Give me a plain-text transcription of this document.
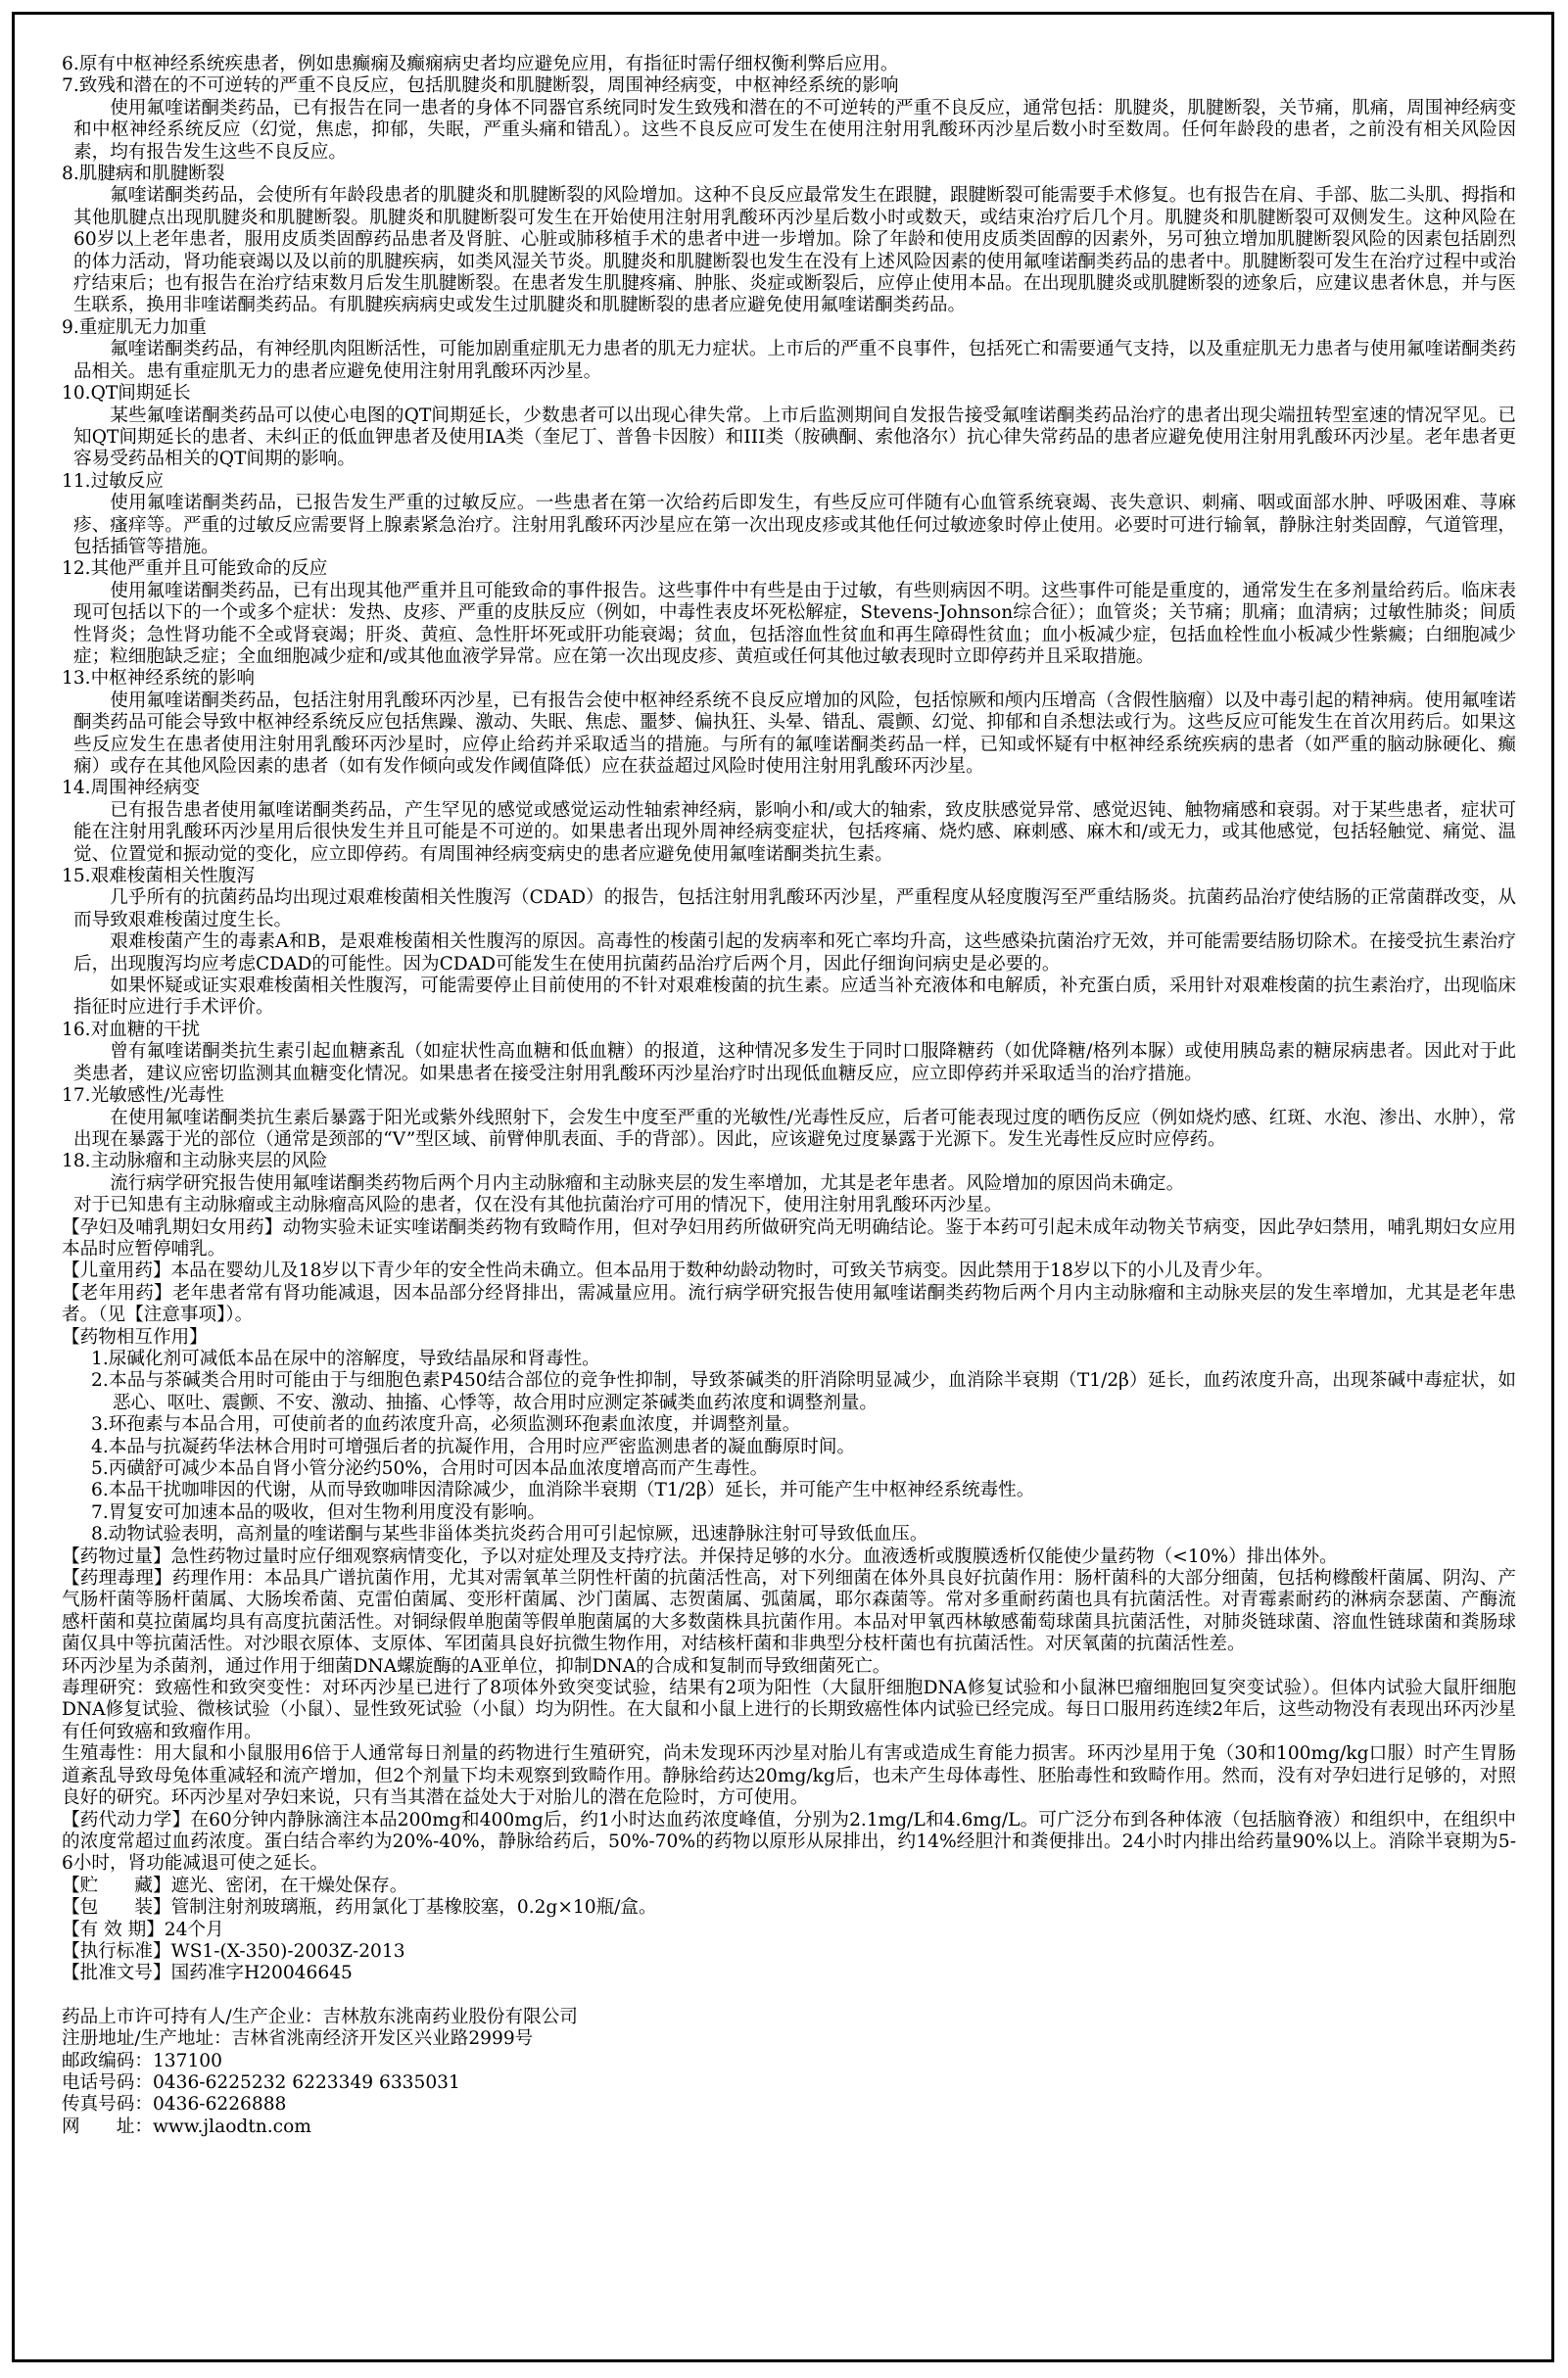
6.原有中枢神经系统疾患者，例如患癫痫及癫痫病史者均应避免应用，有指征时需仔细权衡利弊后应用。

7.致残和潜在的不可逆转的严重不良反应，包括肌腱炎和肌腱断裂，周围神经病变，中枢神经系统的影响

使用氟喹诺酮类药品，已有报告在同一患者的身体不同器官系统同时发生致残和潜在的不可逆转的严重不良反应，通常包括：肌腱炎，肌腱断裂，关节痛，肌痛，周围神经病变和中枢神经系统反应（幻觉，焦虑，抑郁，失眠，严重头痛和错乱）。这些不良反应可发生在使用注射用乳酸环丙沙星后数小时至数周。任何年龄段的患者，之前没有相关风险因素，均有报告发生这些不良反应。

8.肌腱病和肌腱断裂

氟喹诺酮类药品，会使所有年龄段患者的肌腱炎和肌腱断裂的风险增加。这种不良反应最常发生在跟腱，跟腱断裂可能需要手术修复。也有报告在肩、手部、肱二头肌、拇指和其他肌腱点出现肌腱炎和肌腱断裂。肌腱炎和肌腱断裂可发生在开始使用注射用乳酸环丙沙星后数小时或数天，或结束治疗后几个月。肌腱炎和肌腱断裂可双侧发生。这种风险在60岁以上老年患者，服用皮质类固醇药品患者及肾脏、心脏或肺移植手术的患者中进一步增加。除了年龄和使用皮质类固醇的因素外，另可独立增加肌腱断裂风险的因素包括剧烈的体力活动，肾功能衰竭以及以前的肌腱疾病，如类风湿关节炎。肌腱炎和肌腱断裂也发生在没有上述风险因素的使用氟喹诺酮类药品的患者中。肌腱断裂可发生在治疗过程中或治疗结束后；也有报告在治疗结束数月后发生肌腱断裂。在患者发生肌腱疼痛、肿胀、炎症或断裂后，应停止使用本品。在出现肌腱炎或肌腱断裂的迹象后，应建议患者休息，并与医生联系，换用非喹诺酮类药品。有肌腱疾病病史或发生过肌腱炎和肌腱断裂的患者应避免使用氟喹诺酮类药品。

9.重症肌无力加重

氟喹诺酮类药品，有神经肌肉阻断活性，可能加剧重症肌无力患者的肌无力症状。上市后的严重不良事件，包括死亡和需要通气支持，以及重症肌无力患者与使用氟喹诺酮类药品相关。患有重症肌无力的患者应避免使用注射用乳酸环丙沙星。

10.QT间期延长

某些氟喹诺酮类药品可以使心电图的QT间期延长，少数患者可以出现心律失常。上市后监测期间自发报告接受氟喹诺酮类药品治疗的患者出现尖端扭转型室速的情况罕见。已知QT间期延长的患者、未纠正的低血钾患者及使用IA类（奎尼丁、普鲁卡因胺）和III类（胺碘酮、索他洛尔）抗心律失常药品的患者应避免使用注射用乳酸环丙沙星。老年患者更容易受药品相关的QT间期的影响。

11.过敏反应

使用氟喹诺酮类药品，已报告发生严重的过敏反应。一些患者在第一次给药后即发生，有些反应可伴随有心血管系统衰竭、丧失意识、刺痛、咽或面部水肿、呼吸困难、荨麻疹、瘙痒等。严重的过敏反应需要肾上腺素紧急治疗。注射用乳酸环丙沙星应在第一次出现皮疹或其他任何过敏迹象时停止使用。必要时可进行输氧，静脉注射类固醇，气道管理，包括插管等措施。

12.其他严重并且可能致命的反应

使用氟喹诺酮类药品，已有出现其他严重并且可能致命的事件报告。这些事件中有些是由于过敏，有些则病因不明。这些事件可能是重度的，通常发生在多剂量给药后。临床表现可包括以下的一个或多个症状：发热、皮疹、严重的皮肤反应（例如，中毒性表皮坏死松解症，Stevens-Johnson综合征）；血管炎；关节痛；肌痛；血清病；过敏性肺炎；间质性肾炎；急性肾功能不全或肾衰竭；肝炎、黄疸、急性肝坏死或肝功能衰竭；贫血，包括溶血性贫血和再生障碍性贫血；血小板减少症，包括血栓性血小板减少性紫癜；白细胞减少症；粒细胞缺乏症；全血细胞减少症和/或其他血液学异常。应在第一次出现皮疹、黄疸或任何其他过敏表现时立即停药并且采取措施。

13.中枢神经系统的影响

使用氟喹诺酮类药品，包括注射用乳酸环丙沙星，已有报告会使中枢神经系统不良反应增加的风险，包括惊厥和颅内压增高（含假性脑瘤）以及中毒引起的精神病。使用氟喹诺酮类药品可能会导致中枢神经系统反应包括焦躁、激动、失眠、焦虑、噩梦、偏执狂、头晕、错乱、震颤、幻觉、抑郁和自杀想法或行为。这些反应可能发生在首次用药后。如果这些反应发生在患者使用注射用乳酸环丙沙星时，应停止给药并采取适当的措施。与所有的氟喹诺酮类药品一样，已知或怀疑有中枢神经系统疾病的患者（如严重的脑动脉硬化、癫痫）或存在其他风险因素的患者（如有发作倾向或发作阈值降低）应在获益超过风险时使用注射用乳酸环丙沙星。

14.周围神经病变

已有报告患者使用氟喹诺酮类药品，产生罕见的感觉或感觉运动性轴索神经病，影响小和/或大的轴索，致皮肤感觉异常、感觉迟钝、触物痛感和衰弱。对于某些患者，症状可能在注射用乳酸环丙沙星用后很快发生并且可能是不可逆的。如果患者出现外周神经病变症状，包括疼痛、烧灼感、麻刺感、麻木和/或无力，或其他感觉，包括轻触觉、痛觉、温觉、位置觉和振动觉的变化，应立即停药。有周围神经病变病史的患者应避免使用氟喹诺酮类抗生素。

15.艰难梭菌相关性腹泻

几乎所有的抗菌药品均出现过艰难梭菌相关性腹泻（CDAD）的报告，包括注射用乳酸环丙沙星，严重程度从轻度腹泻至严重结肠炎。抗菌药品治疗使结肠的正常菌群改变，从而导致艰难梭菌过度生长。

艰难梭菌产生的毒素A和B，是艰难梭菌相关性腹泻的原因。高毒性的梭菌引起的发病率和死亡率均升高，这些感染抗菌治疗无效，并可能需要结肠切除术。在接受抗生素治疗后，出现腹泻均应考虑CDAD的可能性。因为CDAD可能发生在使用抗菌药品治疗后两个月，因此仔细询问病史是必要的。

如果怀疑或证实艰难梭菌相关性腹泻，可能需要停止目前使用的不针对艰难梭菌的抗生素。应适当补充液体和电解质，补充蛋白质，采用针对艰难梭菌的抗生素治疗，出现临床指征时应进行手术评价。

16.对血糖的干扰

曾有氟喹诺酮类抗生素引起血糖紊乱（如症状性高血糖和低血糖）的报道，这种情况多发生于同时口服降糖药（如优降糖/格列本脲）或使用胰岛素的糖尿病患者。因此对于此类患者，建议应密切监测其血糖变化情况。如果患者在接受注射用乳酸环丙沙星治疗时出现低血糖反应，应立即停药并采取适当的治疗措施。

17.光敏感性/光毒性

在使用氟喹诺酮类抗生素后暴露于阳光或紫外线照射下，会发生中度至严重的光敏性/光毒性反应，后者可能表现过度的晒伤反应（例如烧灼感、红斑、水泡、渗出、水肿），常出现在暴露于光的部位（通常是颈部的“V”型区域、前臂伸肌表面、手的背部）。因此，应该避免过度暴露于光源下。发生光毒性反应时应停药。

18.主动脉瘤和主动脉夹层的风险

流行病学研究报告使用氟喹诺酮类药物后两个月内主动脉瘤和主动脉夹层的发生率增加，尤其是老年患者。风险增加的原因尚未确定。

对于已知患有主动脉瘤或主动脉瘤高风险的患者，仅在没有其他抗菌治疗可用的情况下，使用注射用乳酸环丙沙星。

【孕妇及哺乳期妇女用药】动物实验未证实喹诺酮类药物有致畸作用，但对孕妇用药所做研究尚无明确结论。鉴于本药可引起未成年动物关节病变，因此孕妇禁用，哺乳期妇女应用本品时应暂停哺乳。

【儿童用药】本品在婴幼儿及18岁以下青少年的安全性尚未确立。但本品用于数种幼龄动物时，可致关节病变。因此禁用于18岁以下的小儿及青少年。

【老年用药】老年患者常有肾功能减退，因本品部分经肾排出，需减量应用。流行病学研究报告使用氟喹诺酮类药物后两个月内主动脉瘤和主动脉夹层的发生率增加，尤其是老年患者。（见【注意事项】）。

【药物相互作用】

1.尿碱化剂可减低本品在尿中的溶解度，导致结晶尿和肾毒性。

2.本品与茶碱类合用时可能由于与细胞色素P450结合部位的竞争性抑制，导致茶碱类的肝消除明显减少，血消除半衰期（T1/2β）延长，血药浓度升高，出现茶碱中毒症状，如恶心、呕吐、震颤、不安、激动、抽搐、心悸等，故合用时应测定茶碱类血药浓度和调整剂量。

3.环孢素与本品合用，可使前者的血药浓度升高，必须监测环孢素血浓度，并调整剂量。

4.本品与抗凝药华法林合用时可增强后者的抗凝作用，合用时应严密监测患者的凝血酶原时间。

5.丙磺舒可减少本品自肾小管分泌约50%，合用时可因本品血浓度增高而产生毒性。

6.本品干扰咖啡因的代谢，从而导致咖啡因清除减少，血消除半衰期（T1/2β）延长，并可能产生中枢神经系统毒性。

7.胃复安可加速本品的吸收，但对生物利用度没有影响。

8.动物试验表明，高剂量的喹诺酮与某些非甾体类抗炎药合用可引起惊厥，迅速静脉注射可导致低血压。

【药物过量】急性药物过量时应仔细观察病情变化，予以对症处理及支持疗法。并保持足够的水分。血液透析或腹膜透析仅能使少量药物（<10%）排出体外。

【药理毒理】药理作用：本品具广谱抗菌作用，尤其对需氧革兰阴性杆菌的抗菌活性高，对下列细菌在体外具良好抗菌作用：肠杆菌科的大部分细菌，包括枸橼酸杆菌属、阴沟、产气肠杆菌等肠杆菌属、大肠埃希菌、克雷伯菌属、变形杆菌属、沙门菌属、志贺菌属、弧菌属，耶尔森菌等。常对多重耐药菌也具有抗菌活性。对青霉素耐药的淋病奈瑟菌、产酶流感杆菌和莫拉菌属均具有高度抗菌活性。对铜绿假单胞菌等假单胞菌属的大多数菌株具抗菌作用。本品对甲氧西林敏感葡萄球菌具抗菌活性，对肺炎链球菌、溶血性链球菌和粪肠球菌仅具中等抗菌活性。对沙眼衣原体、支原体、军团菌具良好抗微生物作用，对结核杆菌和非典型分枝杆菌也有抗菌活性。对厌氧菌的抗菌活性差。

环丙沙星为杀菌剂，通过作用于细菌DNA螺旋酶的A亚单位，抑制DNA的合成和复制而导致细菌死亡。

毒理研究：致癌性和致突变性：对环丙沙星已进行了8项体外致突变试验，结果有2项为阳性（大鼠肝细胞DNA修复试验和小鼠淋巴瘤细胞回复突变试验）。但体内试验大鼠肝细胞DNA修复试验、微核试验（小鼠）、显性致死试验（小鼠）均为阴性。在大鼠和小鼠上进行的长期致癌性体内试验已经完成。每日口服用药连续2年后，这些动物没有表现出环丙沙星有任何致癌和致瘤作用。

生殖毒性：用大鼠和小鼠服用6倍于人通常每日剂量的药物进行生殖研究，尚未发现环丙沙星对胎儿有害或造成生育能力损害。环丙沙星用于兔（30和100mg/kg口服）时产生胃肠道紊乱导致母兔体重减轻和流产增加，但2个剂量下均未观察到致畸作用。静脉给药达20mg/kg后，也未产生母体毒性、胚胎毒性和致畸作用。然而，没有对孕妇进行足够的，对照良好的研究。环丙沙星对孕妇来说，只有当其潜在益处大于对胎儿的潜在危险时，方可使用。

【药代动力学】在60分钟内静脉滴注本品200mg和400mg后，约1小时达血药浓度峰值，分别为2.1mg/L和4.6mg/L。可广泛分布到各种体液（包括脑脊液）和组织中，在组织中的浓度常超过血药浓度。蛋白结合率约为20%-40%，静脉给药后，50%-70%的药物以原形从尿排出，约14%经胆汁和粪便排出。24小时内排出给药量90%以上。消除半衰期为5-6小时，肾功能减退可使之延长。

【贮　　藏】遮光、密闭，在干燥处保存。

【包　　装】管制注射剂玻璃瓶，药用氯化丁基橡胶塞，0.2g×10瓶/盒。

【有 效 期】24个月

【执行标准】WS1-(X-350)-2003Z-2013

【批准文号】国药准字H20046645

药品上市许可持有人/生产企业：吉林敖东洮南药业股份有限公司

注册地址/生产地址：吉林省洮南经济开发区兴业路2999号

邮政编码：137100

电话号码：0436-6225232 6223349 6335031

传真号码：0436-6226888

网　　址：www.jlaodtn.com
